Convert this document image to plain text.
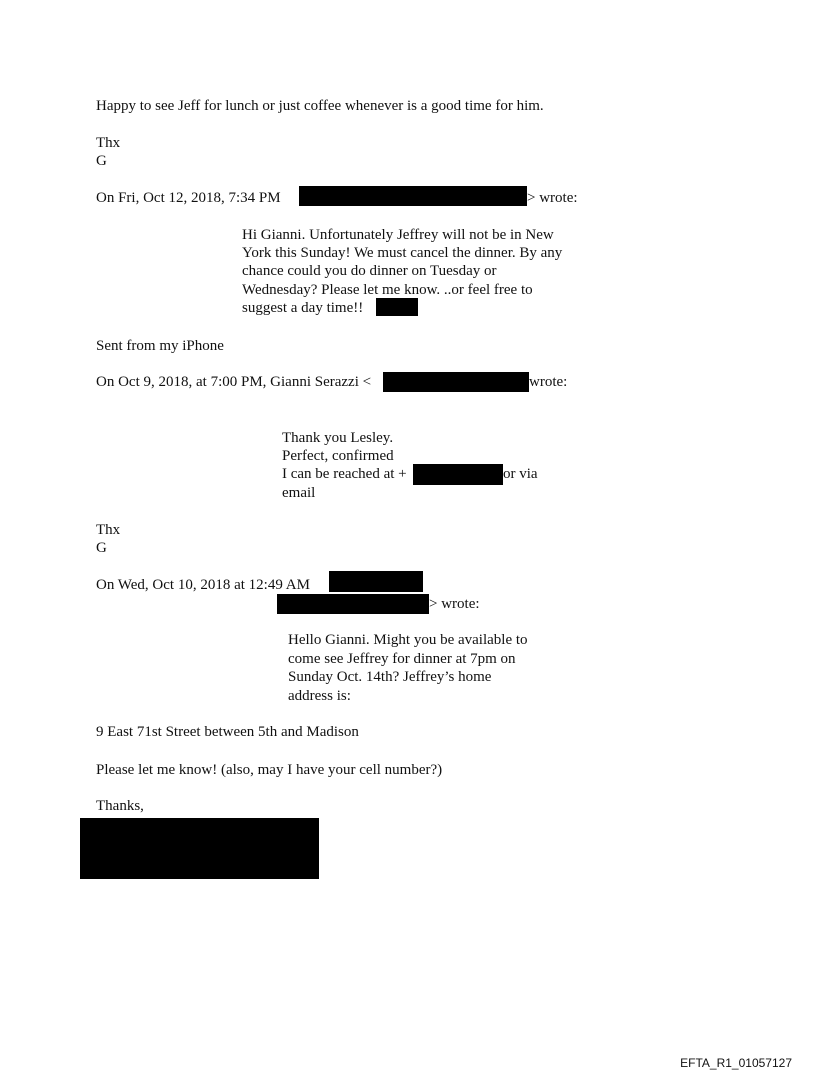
Happy to see Jeff for lunch or just coffee whenever is a good time for him.
Thx
G
On Fri, Oct 12, 2018, 7:34 PM	> wrote:
Hi Gianni. Unfortunately Jeffrey will not be in New
York this Sunday! We must cancel the dinner. By any
chance could you do dinner on Tuesday or
Wednesday? Please let me know. ..or feel free to
suggest a day time!!
Sent from my iPhone
On Oct 9, 2018, at 7:00 PM, Gianni Serazzi <	wrote:
Thank you Lesley.
Perfect, confirmed
I can be reached at +	or via
email
Thx
G
On Wed, Oct 10, 2018 at 12:49 AM
> wrote:
Hello Gianni. Might you be available to
come see Jeffrey for dinner at 7pm on
Sunday Oct. 14th? Jeffrey’s home
address is:
9 East 71st Street between 5th and Madison
Please let me know! (also, may I have your cell number?)
Thanks,
EFTA_R1_01057127
